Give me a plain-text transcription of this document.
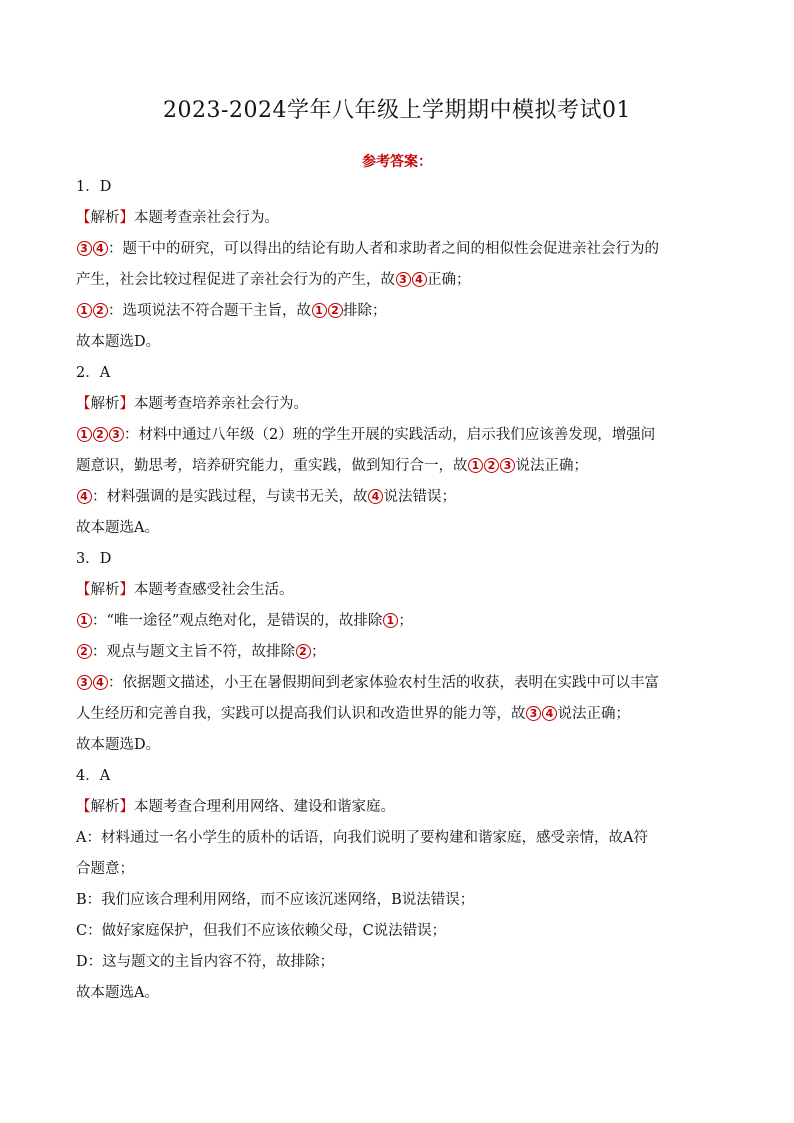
2023-2024学年八年级上学期期中模拟考试01
参考答案：

1．D

【解析】本题考查亲社会行为。

3 4 ：题干中的研究，可以得出的结论有助人者和求助者之间的相似性会促进亲社会行为的

产生，社会比较过程促进了亲社会行为的产生，故 3 4 正确；

1 2 ：选项说法不符合题干主旨，故 1 2 排除；

故本题选D。

2．A

【解析】本题考查培养亲社会行为。

1 2 3 ：材料中通过八年级（2）班的学生开展的实践活动，启示我们应该善发现，增强问

题意识，勤思考，培养研究能力，重实践，做到知行合一，故 1 2 3 说法正确；

4 ：材料强调的是实践过程，与读书无关，故 4 说法错误；

故本题选A。

3．D

【解析】本题考查感受社会生活。

1 ：“唯一途径”观点绝对化，是错误的，故排除 1 ；

2 ：观点与题文主旨不符，故排除 2 ；

3 4 ：依据题文描述，小王在暑假期间到老家体验农村生活的收获，表明在实践中可以丰富

人生经历和完善自我，实践可以提高我们认识和改造世界的能力等，故 3 4 说法正确；

故本题选D。

4．A

【解析】本题考查合理利用网络、建设和谐家庭。

A：材料通过一名小学生的质朴的话语，向我们说明了要构建和谐家庭，感受亲情，故A符

合题意；

B：我们应该合理利用网络，而不应该沉迷网络，B说法错误；

C：做好家庭保护，但我们不应该依赖父母，C说法错误；

D：这与题文的主旨内容不符，故排除；

故本题选A。
